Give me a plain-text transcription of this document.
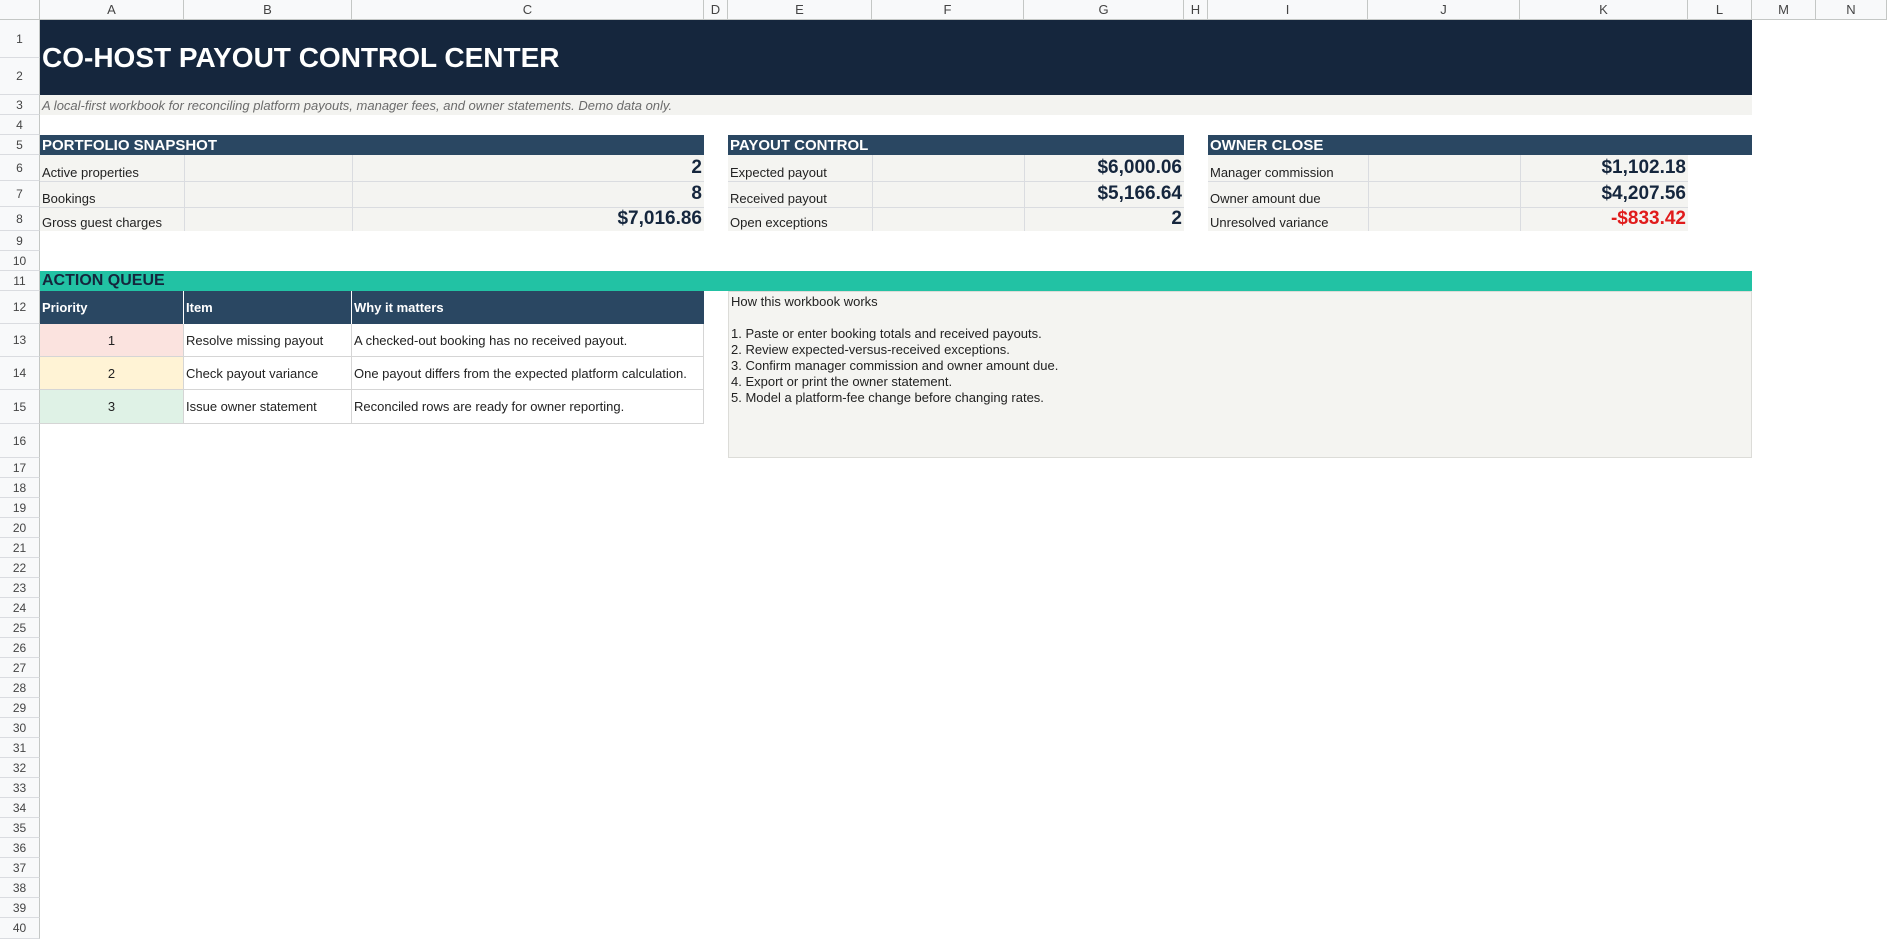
A	B	C	D	E	F	G	H	I	J	K	L	M	N
1
2
3
4
5
6
7
8
9
10
11
12
13
14
15
16
17
18
19
20
21
22
23
24
25
26
27
28
29
30
31
32
33
34
35
36
37
38
39
40
CO-HOST PAYOUT CONTROL CENTER
A local-first workbook for reconciling platform payouts, manager fees, and owner statements. Demo data only.
PORTFOLIO SNAPSHOT
Active properties	2
Bookings	8
Gross guest charges	$7,016.86
PAYOUT CONTROL
Expected payout	$6,000.06
Received payout	$5,166.64
Open exceptions	2
OWNER CLOSE
Manager commission	$1,102.18
Owner amount due	$4,207.56
Unresolved variance	-$833.42
ACTION QUEUE
Priority	Item	Why it matters
1	Resolve missing payout	A checked-out booking has no received payout.
2	Check payout variance	One payout differs from the expected platform calculation.
3	Issue owner statement	Reconciled rows are ready for owner reporting.
How this workbook works
1. Paste or enter booking totals and received payouts.
2. Review expected-versus-received exceptions.
3. Confirm manager commission and owner amount due.
4. Export or print the owner statement.
5. Model a platform-fee change before changing rates.
